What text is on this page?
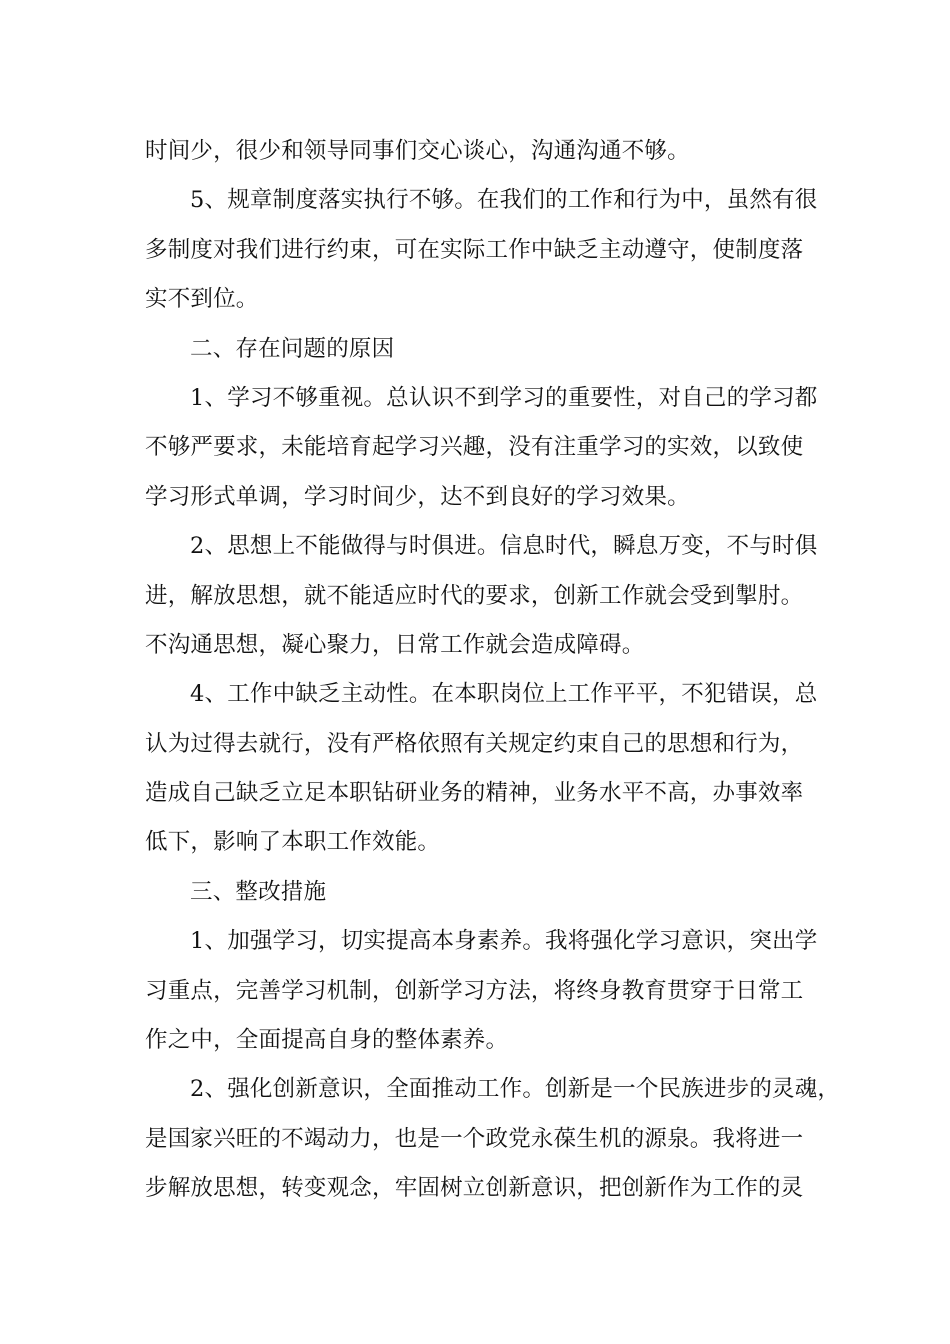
时间少，很少和领导同事们交心谈心，沟通沟通不够。
5、规章制度落实执行不够。在我们的工作和行为中，虽然有很
多制度对我们进行约束，可在实际工作中缺乏主动遵守，使制度落
实不到位。
二、存在问题的原因
1、学习不够重视。总认识不到学习的重要性，对自己的学习都
不够严要求，未能培育起学习兴趣，没有注重学习的实效，以致使
学习形式单调，学习时间少，达不到良好的学习效果。
2、思想上不能做得与时俱进。信息时代，瞬息万变，不与时俱
进，解放思想，就不能适应时代的要求，创新工作就会受到掣肘。
不沟通思想，凝心聚力，日常工作就会造成障碍。
4、工作中缺乏主动性。在本职岗位上工作平平，不犯错误，总
认为过得去就行，没有严格依照有关规定约束自己的思想和行为，
造成自己缺乏立足本职钻研业务的精神，业务水平不高，办事效率
低下，影响了本职工作效能。
三、整改措施
1、加强学习，切实提高本身素养。我将强化学习意识，突出学
习重点，完善学习机制，创新学习方法，将终身教育贯穿于日常工
作之中，全面提高自身的整体素养。
2、强化创新意识，全面推动工作。创新是一个民族进步的灵魂，
是国家兴旺的不竭动力，也是一个政党永葆生机的源泉。我将进一
步解放思想，转变观念，牢固树立创新意识，把创新作为工作的灵
